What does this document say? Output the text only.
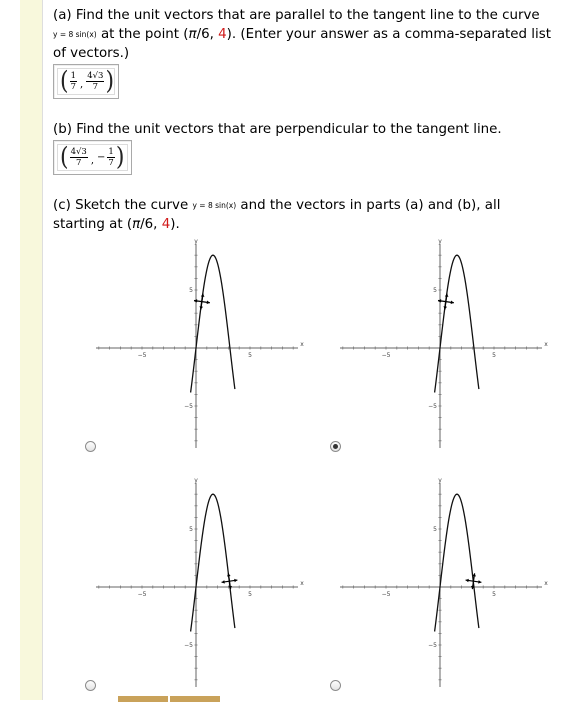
(a) Find the unit vectors that are parallel to the tangent line to the curve
y = 8 sin(x) at the point (π/6, 4). (Enter your answer as a comma-separated list of vectors.)
( $\frac{1}{7}$ , $\frac{4√3}{7}$ )
(b) Find the unit vectors that are perpendicular to the tangent line.
( $\frac{4√3}{7}$ , − $\frac{1}{7}$ )
(c) Sketch the curve y = 8 sin(x) and the vectors in parts (a) and (b), all starting at (π/6, 4).
−5	5
5
−5
y
x
−5	5
5
−5
y
x
−5	5
5
−5
y
x
−5	5
5
−5
y
x
